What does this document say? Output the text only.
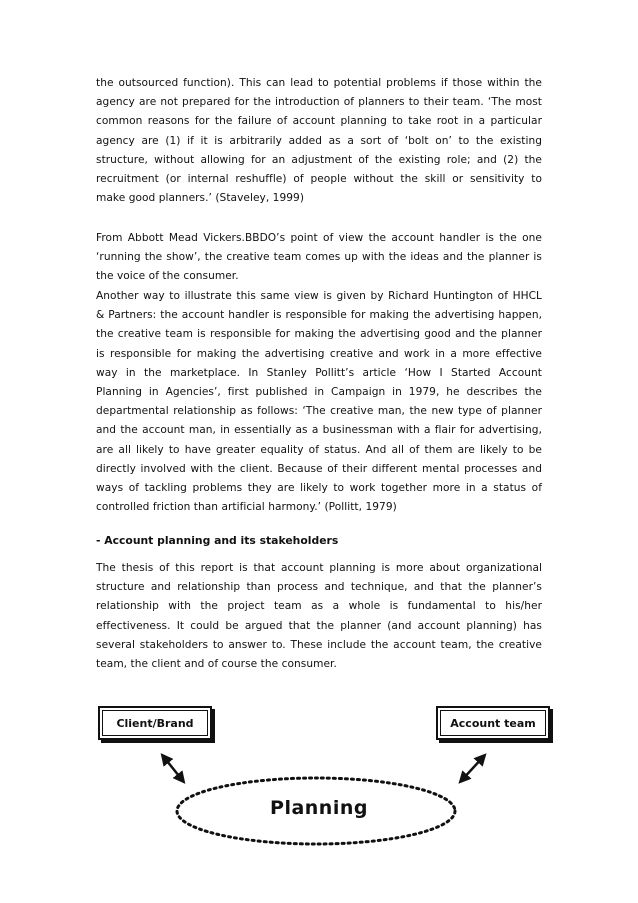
the outsourced function). This can lead to potential problems if those within the
agency are not prepared for the introduction of planners to their team. ‘The most
common reasons for the failure of account planning to take root in a particular
agency are (1) if it is arbitrarily added as a sort of ‘bolt on’ to the existing
structure, without allowing for an adjustment of the existing role; and (2) the
recruitment (or internal reshuffle) of people without the skill or sensitivity to
make good planners.’ (Staveley, 1999)
From Abbott Mead Vickers.BBDO’s point of view the account handler is the one
‘running the show’, the creative team comes up with the ideas and the planner is
the voice of the consumer.
Another way to illustrate this same view is given by Richard Huntington of HHCL
& Partners: the account handler is responsible for making the advertising happen,
the creative team is responsible for making the advertising good and the planner
is responsible for making the advertising creative and work in a more effective
way in the marketplace. In Stanley Pollitt’s article ‘How I Started Account
Planning in Agencies’, first published in Campaign in 1979, he describes the
departmental relationship as follows: ‘The creative man, the new type of planner
and the account man, in essentially as a businessman with a flair for advertising,
are all likely to have greater equality of status. And all of them are likely to be
directly involved with the client. Because of their different mental processes and
ways of tackling problems they are likely to work together more in a status of
controlled friction than artificial harmony.’ (Pollitt, 1979)
- Account planning and its stakeholders
The thesis of this report is that account planning is more about organizational
structure and relationship than process and technique, and that the planner’s
relationship with the project team as a whole is fundamental to his/her
effectiveness. It could be argued that the planner (and account planning) has
several stakeholders to answer to. These include the account team, the creative
team, the client and of course the consumer.
Client/Brand	Account team
Planning
